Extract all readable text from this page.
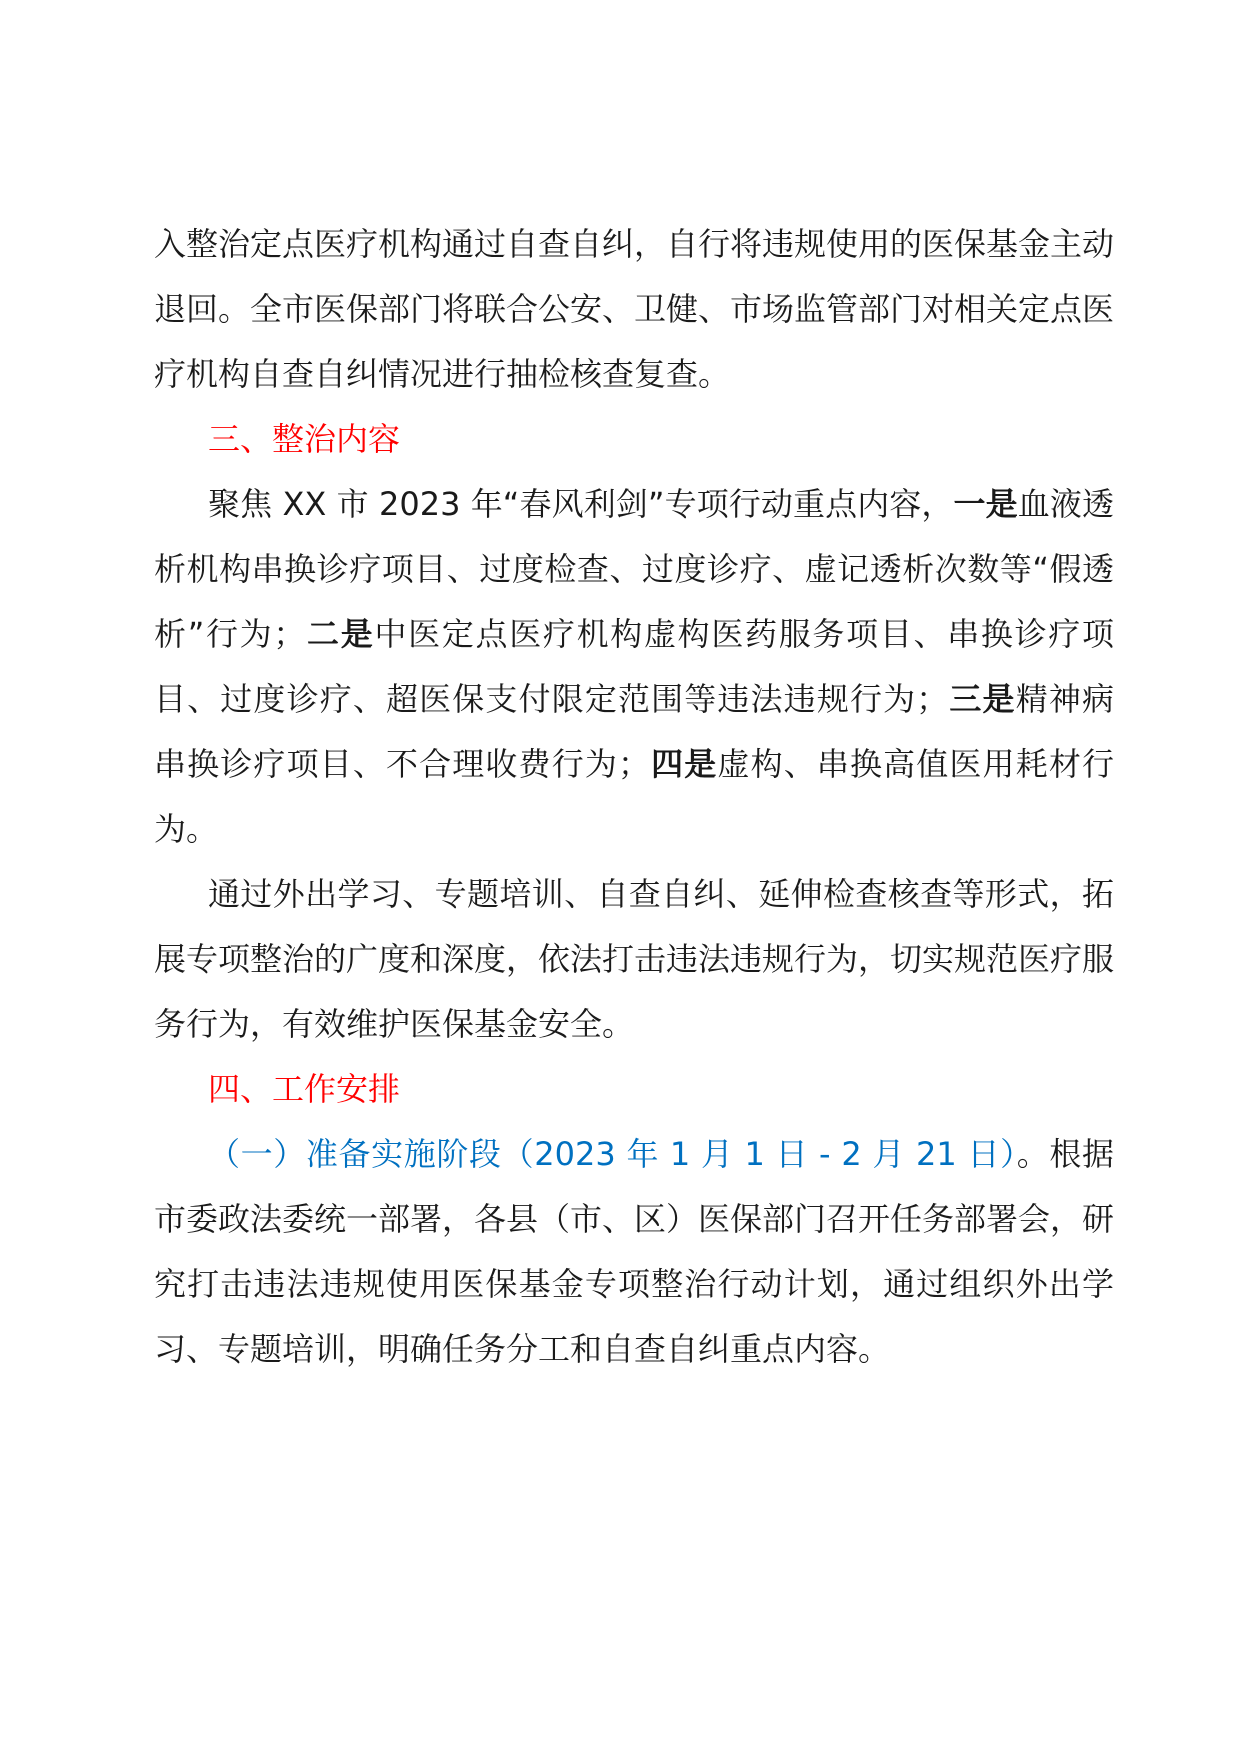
入整治定点医疗机构通过自查自纠，自行将违规使用的医保基金主动退回。全市医保部门将联合公安、卫健、市场监管部门对相关定点医疗机构自查自纠情况进行抽检核查复查。

三、整治内容

聚焦 XX 市 2023 年“春风利剑”专项行动重点内容，一是血液透析机构串换诊疗项目、过度检查、过度诊疗、虚记透析次数等“假透析”行为；二是中医定点医疗机构虚构医药服务项目、串换诊疗项目、过度诊疗、超医保支付限定范围等违法违规行为；三是精神病串换诊疗项目、不合理收费行为；四是虚构、串换高值医用耗材行为。

通过外出学习、专题培训、自查自纠、延伸检查核查等形式，拓展专项整治的广度和深度，依法打击违法违规行为，切实规范医疗服务行为，有效维护医保基金安全。

四、工作安排

（一）准备实施阶段（2023 年 1 月 1 日 - 2 月 21 日）。根据市委政法委统一部署，各县（市、区）医保部门召开任务部署会，研究打击违法违规使用医保基金专项整治行动计划，通过组织外出学习、专题培训，明确任务分工和自查自纠重点内容。
